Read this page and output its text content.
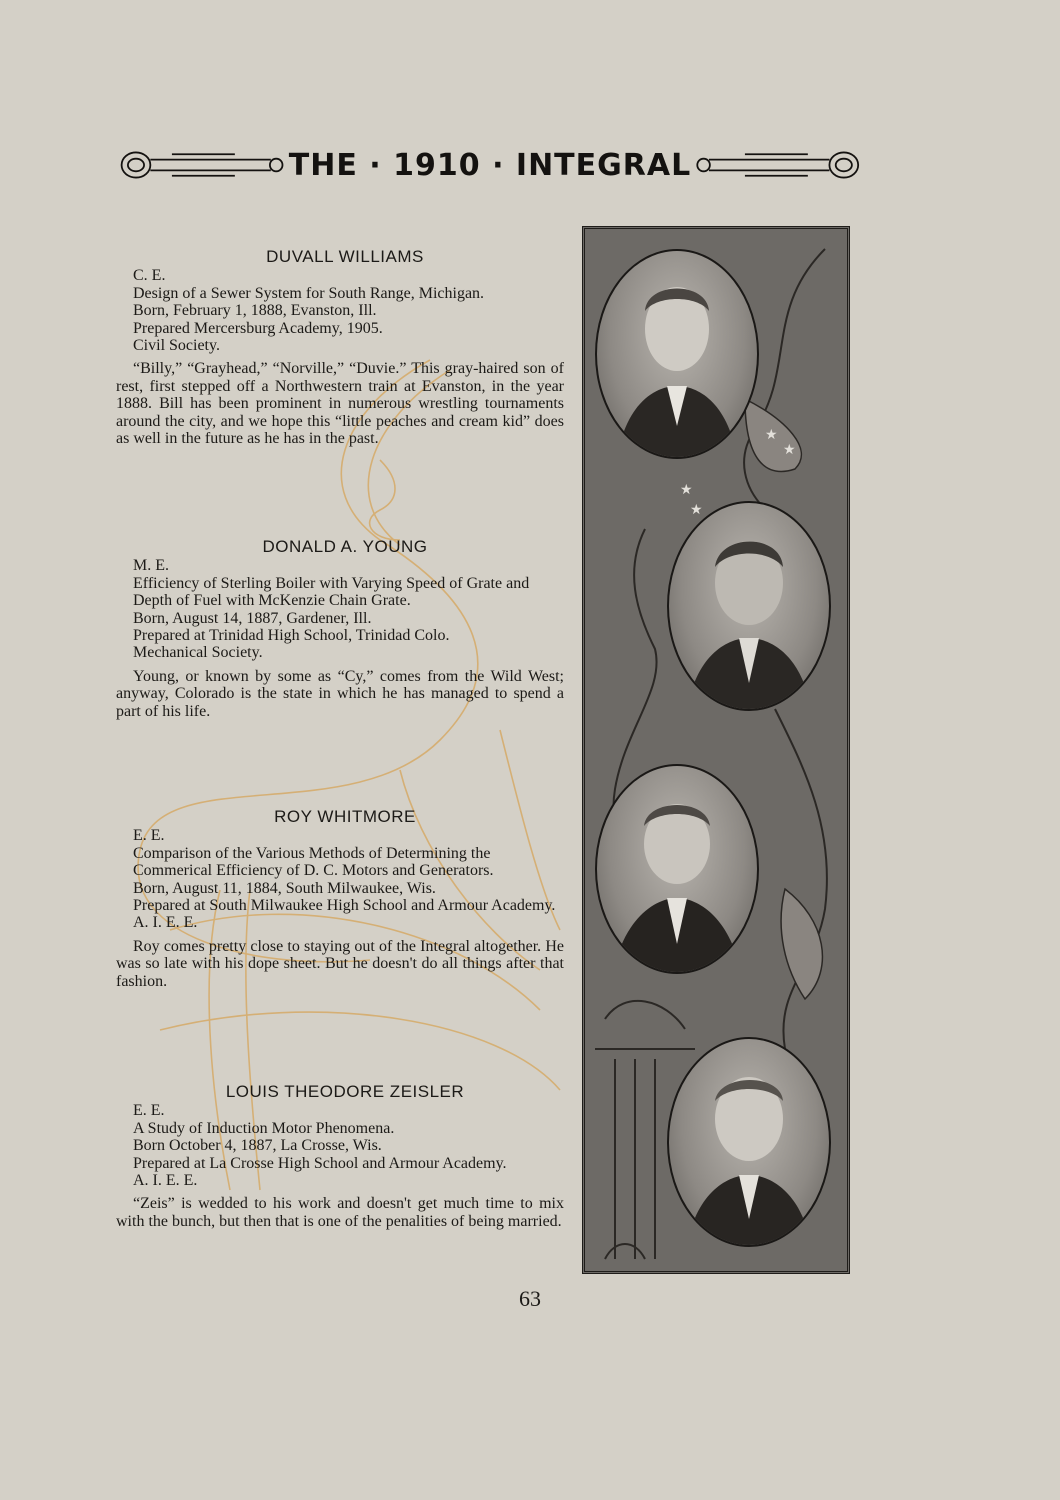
THE · 1910 · INTEGRAL
DUVALL WILLIAMS
C. E.
Design of a Sewer System for South Range, Michigan.
Born, February 1, 1888, Evanston, Ill.
Prepared Mercersburg Academy, 1905.
Civil Society.
“Billy,” “Grayhead,” “Norville,” “Duvie.” This gray-haired son of rest, first stepped off a Northwestern train at Evanston, in the year 1888. Bill has been prominent in numerous wrestling tournaments around the city, and we hope this “little peaches and cream kid” does as well in the future as he has in the past.
DONALD A. YOUNG
M. E.
Efficiency of Sterling Boiler with Varying Speed of Grate and Depth of Fuel with McKenzie Chain Grate.
Born, August 14, 1887, Gardener, Ill.
Prepared at Trinidad High School, Trinidad Colo.
Mechanical Society.
Young, or known by some as “Cy,” comes from the Wild West; anyway, Colorado is the state in which he has managed to spend a part of his life.
ROY WHITMORE
E. E.
Comparison of the Various Methods of Determining the Commerical Efficiency of D. C. Motors and Generators.
Born, August 11, 1884, South Milwaukee, Wis.
Prepared at South Milwaukee High School and Armour Academy.
A. I. E. E.
Roy comes pretty close to staying out of the Integral altogether. He was so late with his dope sheet. But he doesn't do all things after that fashion.
LOUIS THEODORE ZEISLER
E. E.
A Study of Induction Motor Phenomena.
Born October 4, 1887, La Crosse, Wis.
Prepared at La Crosse High School and Armour Academy.
A. I. E. E.
“Zeis” is wedded to his work and doesn't get much time to mix with the bunch, but then that is one of the penalities of being married.
★
★
★
★
63
